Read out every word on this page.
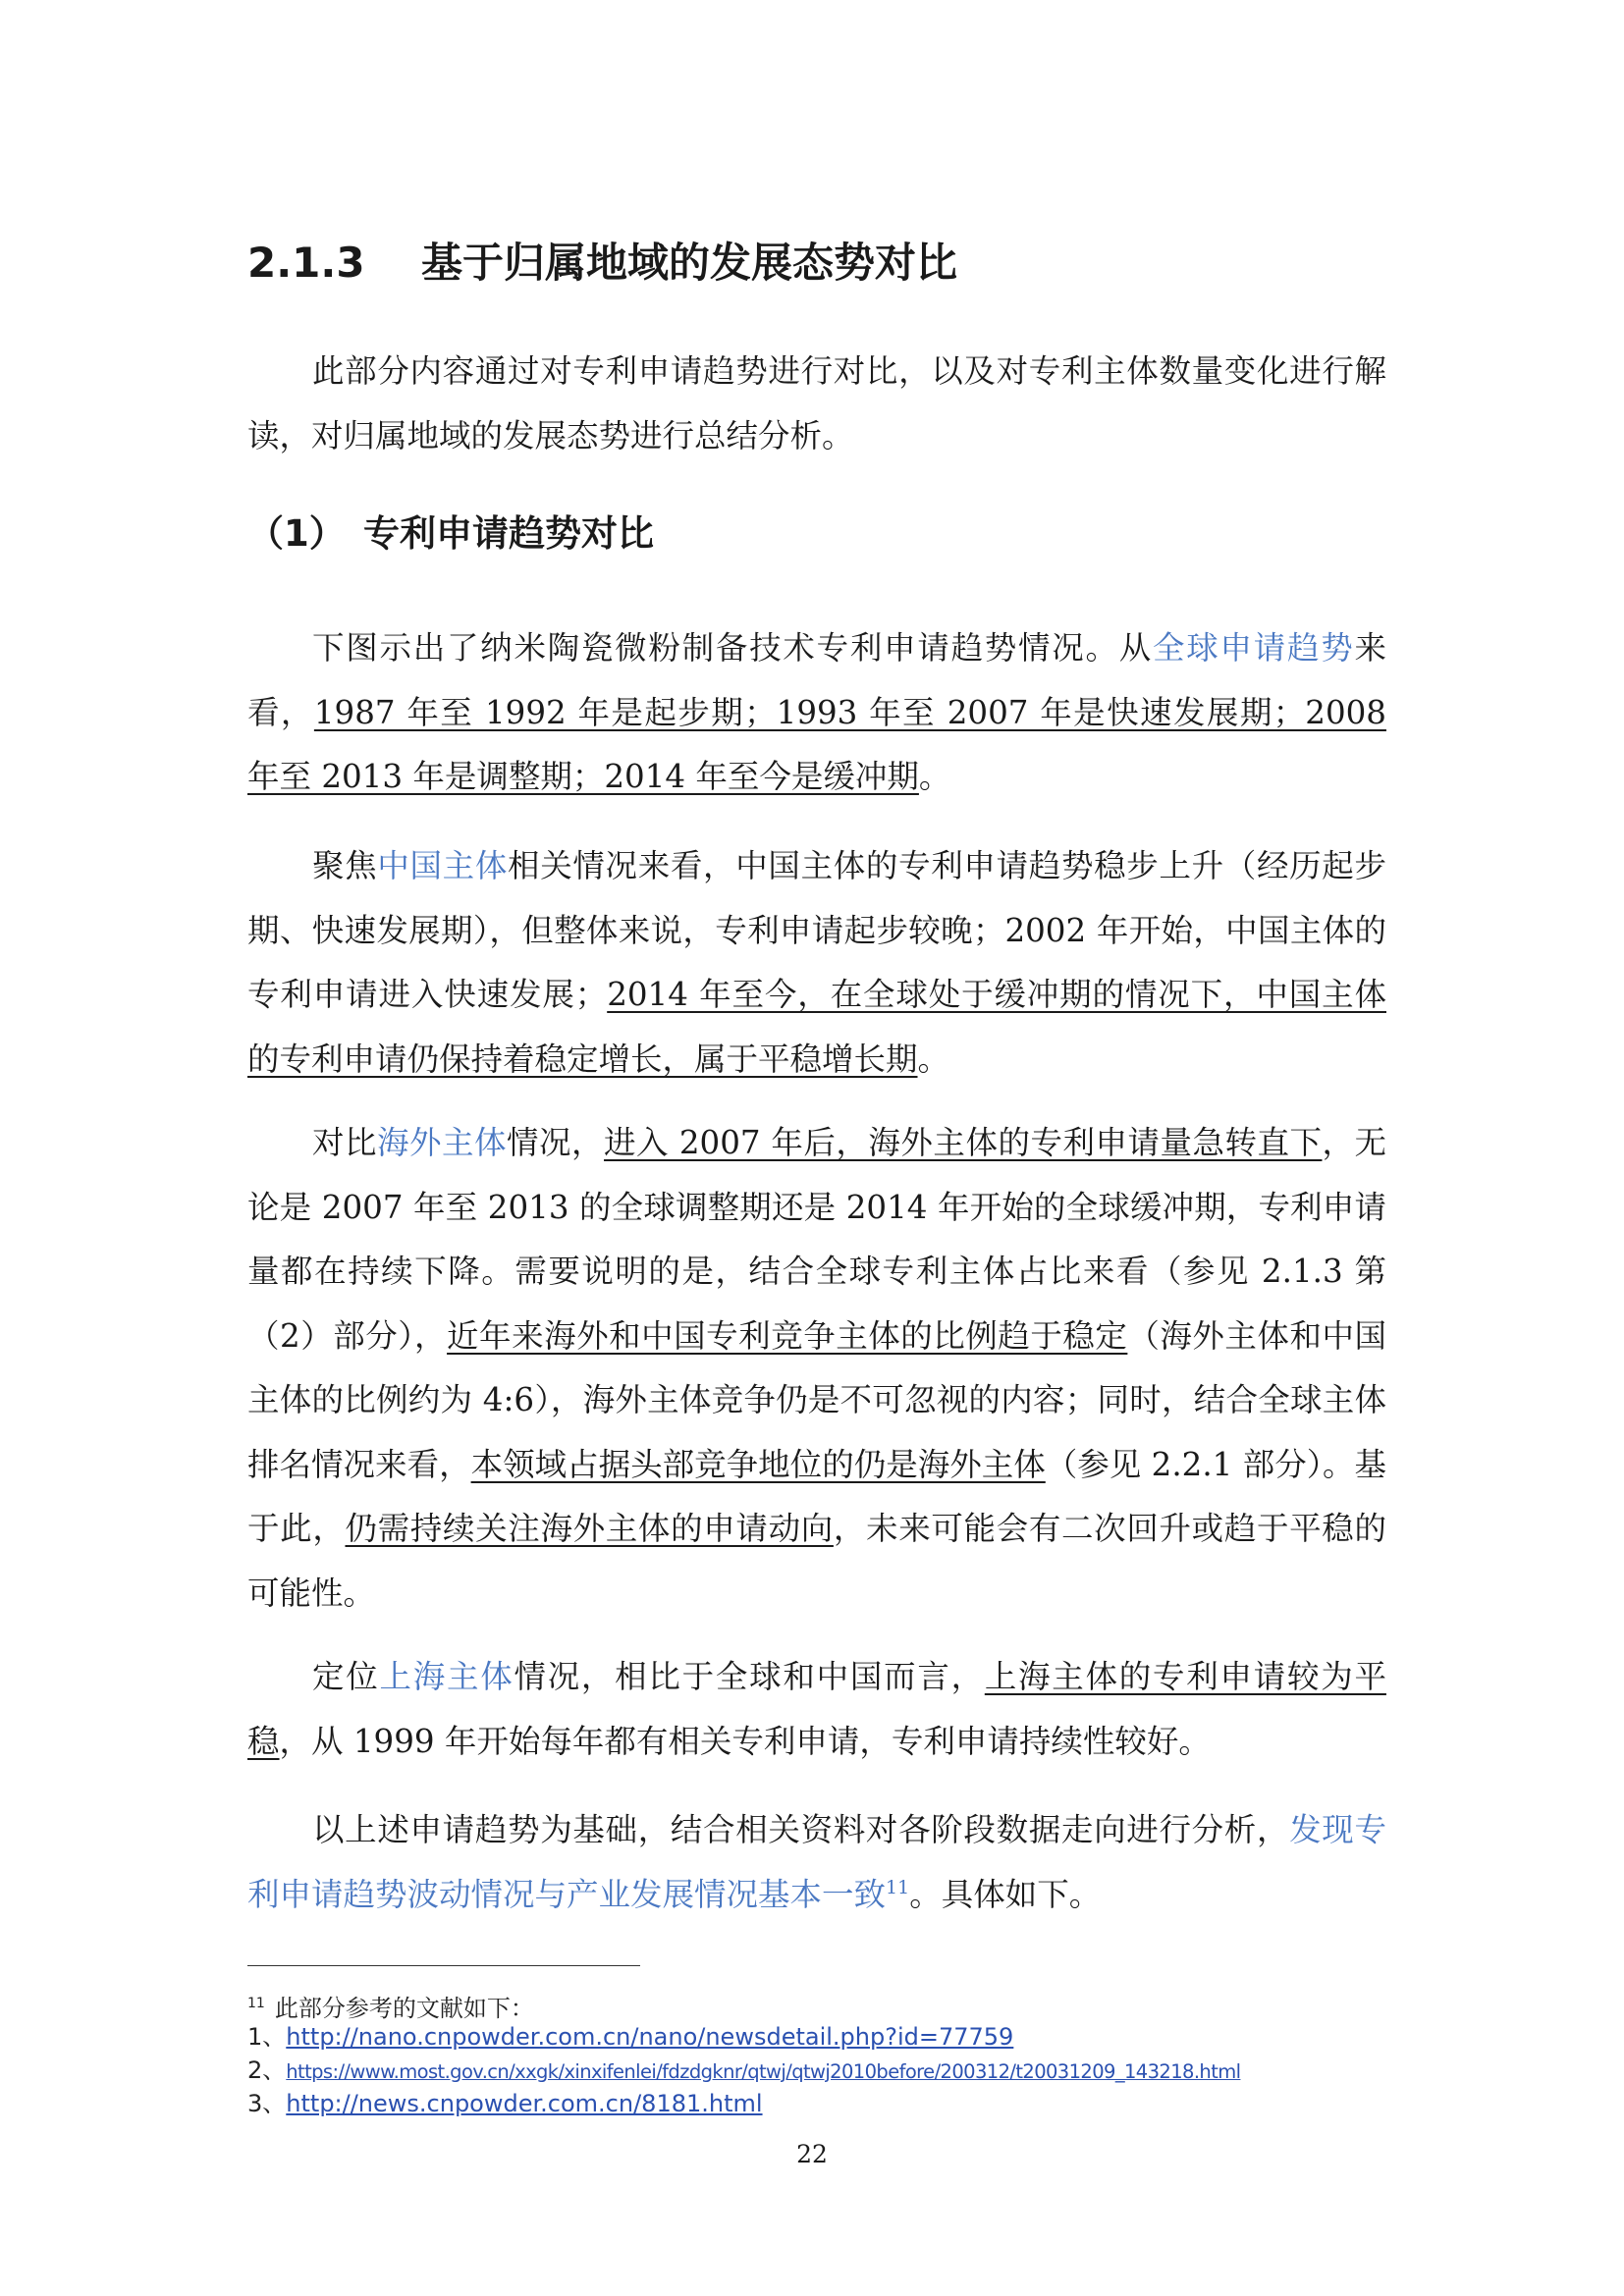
2.1.3 基于归属地域的发展态势对比

此部分内容通过对专利申请趋势进行对比，以及对专利主体数量变化进行解读，对归属地域的发展态势进行总结分析。

（1） 专利申请趋势对比

下图示出了纳米陶瓷微粉制备技术专利申请趋势情况。从全球申请趋势来看，1987 年至 1992 年是起步期；1993 年至 2007 年是快速发展期；2008 年至 2013 年是调整期；2014 年至今是缓冲期。

聚焦中国主体相关情况来看，中国主体的专利申请趋势稳步上升（经历起步期、快速发展期），但整体来说，专利申请起步较晚；2002 年开始，中国主体的专利申请进入快速发展；2014 年至今，在全球处于缓冲期的情况下，中国主体的专利申请仍保持着稳定增长，属于平稳增长期。

对比海外主体情况，进入 2007 年后，海外主体的专利申请量急转直下，无论是 2007 年至 2013 的全球调整期还是 2014 年开始的全球缓冲期，专利申请量都在持续下降。需要说明的是，结合全球专利主体占比来看（参见 2.1.3 第（2）部分），近年来海外和中国专利竞争主体的比例趋于稳定（海外主体和中国主体的比例约为 4:6），海外主体竞争仍是不可忽视的内容；同时，结合全球主体排名情况来看，本领域占据头部竞争地位的仍是海外主体（参见 2.2.1 部分）。基于此，仍需持续关注海外主体的申请动向，未来可能会有二次回升或趋于平稳的可能性。

定位上海主体情况，相比于全球和中国而言，上海主体的专利申请较为平稳，从 1999 年开始每年都有相关专利申请，专利申请持续性较好。

以上述申请趋势为基础，结合相关资料对各阶段数据走向进行分析，发现专利申请趋势波动情况与产业发展情况基本一致$^{11}$。具体如下。

$^{11}$ 此部分参考的文献如下：
1、http://nano.cnpowder.com.cn/nano/newsdetail.php?id=77759
2、https://www.most.gov.cn/xxgk/xinxifenlei/fdzdgknr/qtwj/qtwj2010before/200312/t20031209_143218.html
3、http://news.cnpowder.com.cn/8181.html
22
